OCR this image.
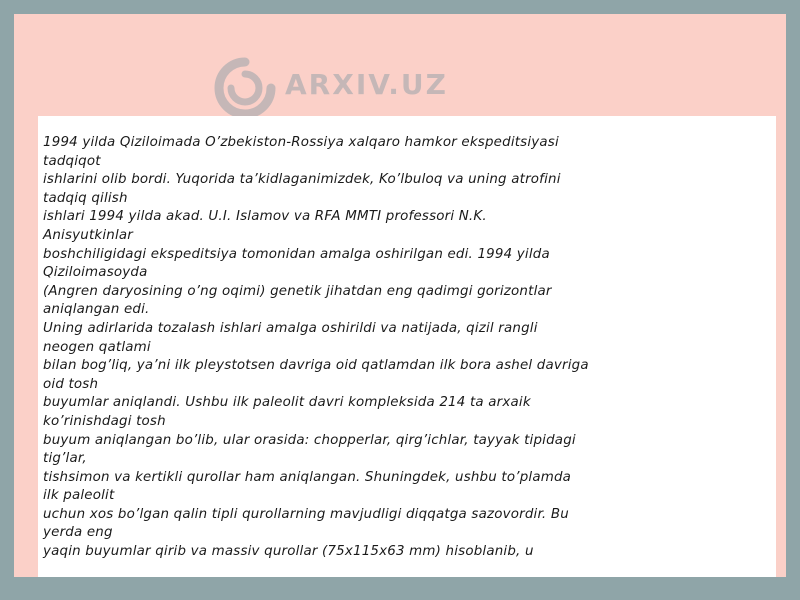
ARXIV.UZ

1994 yilda Qiziloimada O’zbekiston-Rossiya xalqaro hamkor ekspeditsiyasi
tadqiqot
ishlarini olib bordi. Yuqorida ta’kidlaganimizdek, Ko’lbuloq va uning atrofini
tadqiq qilish
ishlari 1994 yilda akad. U.I. Islamov va RFA MMTI professori N.K.
Anisyutkinlar
boshchiligidagi ekspeditsiya tomonidan amalga oshirilgan edi. 1994 yilda
Qiziloimasoyda
(Angren daryosining o’ng oqimi) genetik jihatdan eng qadimgi gorizontlar
aniqlangan edi.
Uning adirlarida tozalash ishlari amalga oshirildi va natijada, qizil rangli
neogen qatlami
bilan bog’liq, ya’ni ilk pleystotsen davriga oid qatlamdan ilk bora ashel davriga
oid tosh
buyumlar aniqlandi. Ushbu ilk paleolit davri kompleksida 214 ta arxaik
ko’rinishdagi tosh
buyum aniqlangan bo’lib, ular orasida: chopperlar, qirg’ichlar, tayyak tipidagi
tig’lar,
tishsimon va kertikli qurollar ham aniqlangan. Shuningdek, ushbu to’plamda
ilk paleolit
uchun xos bo’lgan qalin tipli qurollarning mavjudligi diqqatga sazovordir. Bu
yerda eng
yaqin buyumlar qirib va massiv qurollar (75x115x63 mm) hisoblanib, u
